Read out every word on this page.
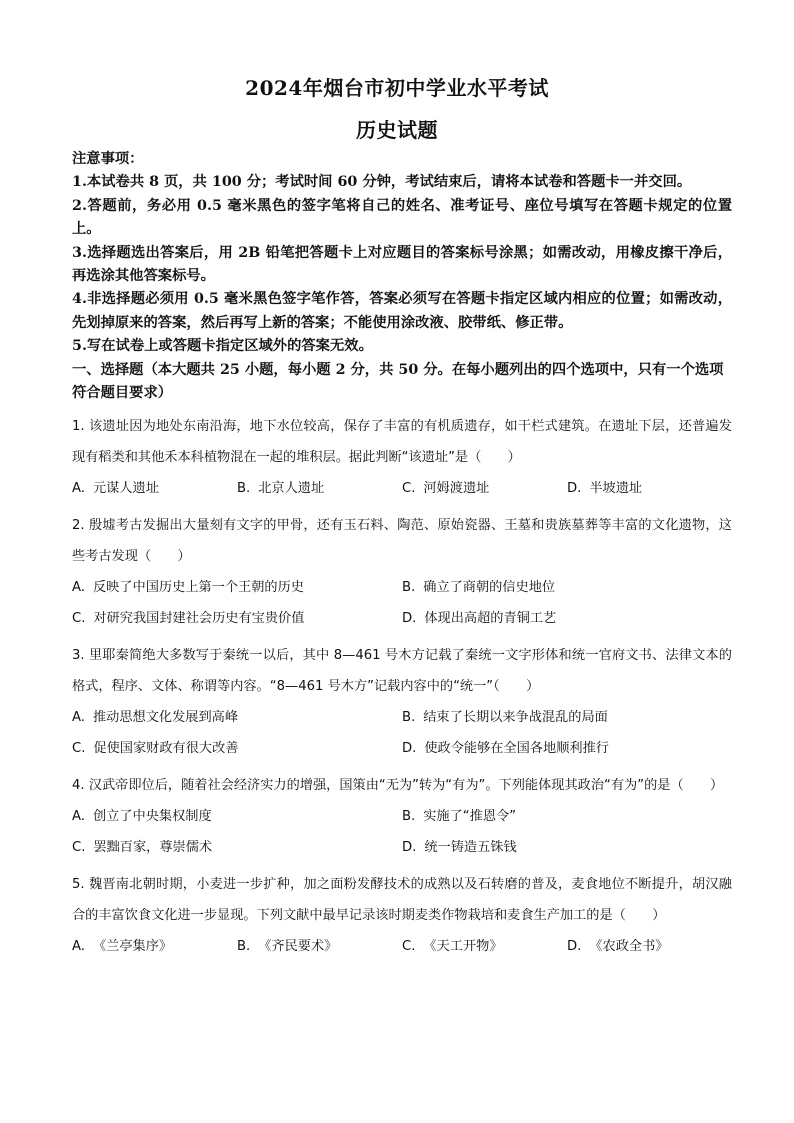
2024年烟台市初中学业水平考试
历史试题

注意事项：

1.本试卷共 8 页，共 100 分；考试时间 60 分钟，考试结束后，请将本试卷和答题卡一并交回。

2.答题前，务必用 0.5 毫米黑色的签字笔将自己的姓名、准考证号、座位号填写在答题卡规定的位置上。

3.选择题选出答案后，用 2B 铅笔把答题卡上对应题目的答案标号涂黑；如需改动，用橡皮擦干净后，再选涂其他答案标号。

4.非选择题必须用 0.5 毫米黑色签字笔作答，答案必须写在答题卡指定区域内相应的位置；如需改动，先划掉原来的答案，然后再写上新的答案；不能使用涂改液、胶带纸、修正带。

5.写在试卷上或答题卡指定区域外的答案无效。

一、选择题（本大题共 25 小题，每小题 2 分，共 50 分。在每小题列出的四个选项中，只有一个选项符合题目要求）

1. 该遗址因为地处东南沿海，地下水位较高，保存了丰富的有机质遗存，如干栏式建筑。在遗址下层，还普遍发现有稻类和其他禾本科植物混在一起的堆积层。据此判断“该遗址”是（　　）

A. 元谋人遗址	B. 北京人遗址	C. 河姆渡遗址	D. 半坡遗址

2. 殷墟考古发掘出大量刻有文字的甲骨，还有玉石料、陶范、原始瓷器、王墓和贵族墓葬等丰富的文化遗物，这些考古发现（　　）

A. 反映了中国历史上第一个王朝的历史	B. 确立了商朝的信史地位
C. 对研究我国封建社会历史有宝贵价值	D. 体现出高超的青铜工艺

3. 里耶秦简绝大多数写于秦统一以后，其中 8—461 号木方记载了秦统一文字形体和统一官府文书、法律文本的格式，程序、文体、称谓等内容。“8—461 号木方”记载内容中的“统一”（　　）

A. 推动思想文化发展到高峰	B. 结束了长期以来争战混乱的局面
C. 促使国家财政有很大改善	D. 使政令能够在全国各地顺利推行

4. 汉武帝即位后，随着社会经济实力的增强，国策由“无为”转为“有为”。下列能体现其政治“有为”的是（　　）

A. 创立了中央集权制度	B. 实施了“推恩令”
C. 罢黜百家，尊崇儒术	D. 统一铸造五铢钱

5. 魏晋南北朝时期，小麦进一步扩种，加之面粉发酵技术的成熟以及石转磨的普及，麦食地位不断提升，胡汉融合的丰富饮食文化进一步显现。下列文献中最早记录该时期麦类作物栽培和麦食生产加工的是（　　）

A. 《兰亭集序》	B. 《齐民要术》	C. 《天工开物》	D. 《农政全书》
